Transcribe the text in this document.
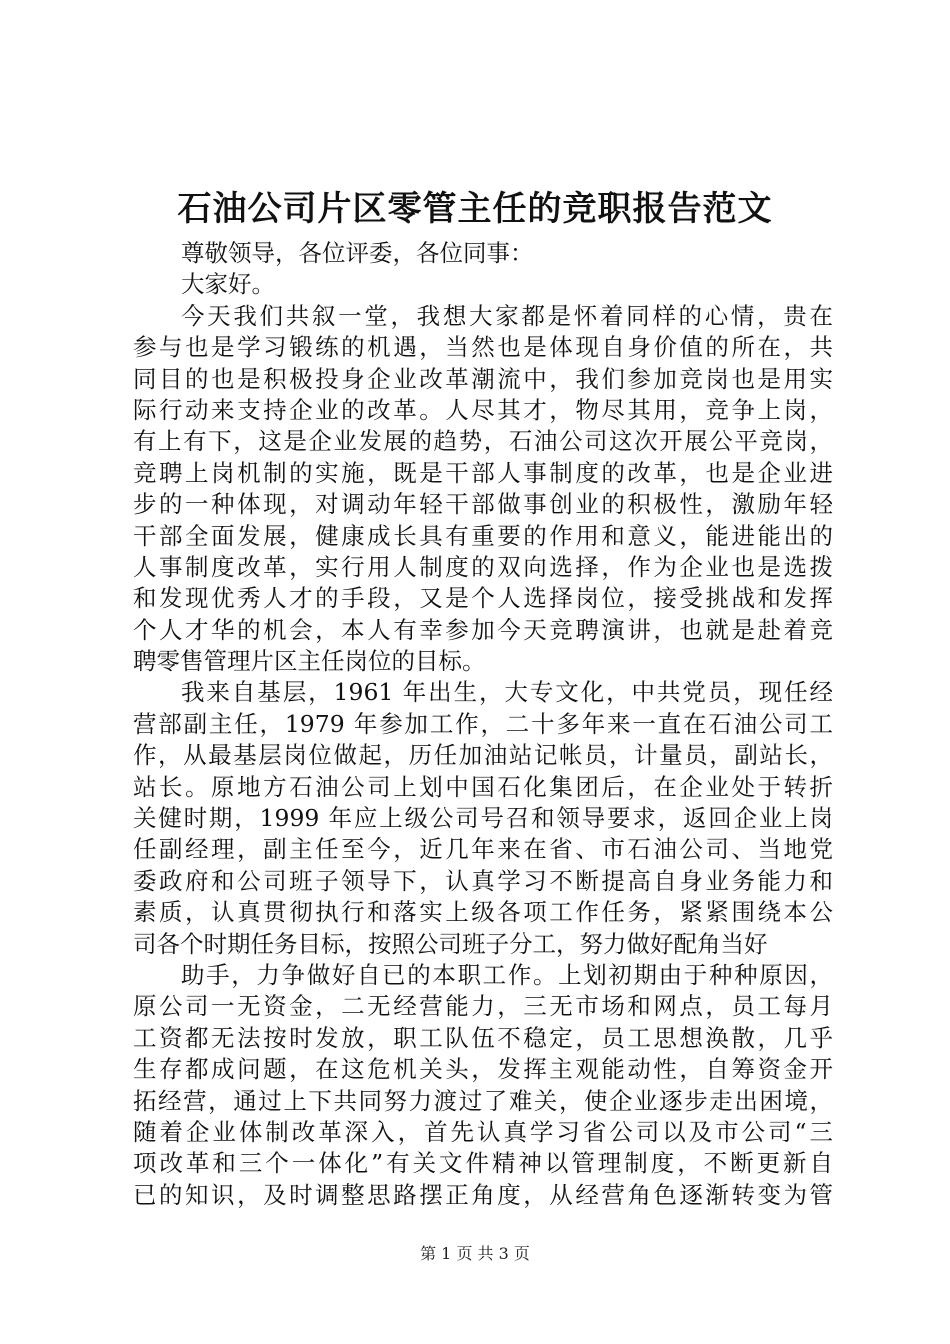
石油公司片区零管主任的竞职报告范文
尊敬领导，各位评委，各位同事：
大家好。
今天我们共叙一堂，我想大家都是怀着同样的心情，贵在
参与也是学习锻练的机遇，当然也是体现自身价值的所在，共
同目的也是积极投身企业改革潮流中，我们参加竞岗也是用实
际行动来支持企业的改革。人尽其才，物尽其用，竞争上岗，
有上有下，这是企业发展的趋势，石油公司这次开展公平竞岗，
竞聘上岗机制的实施，既是干部人事制度的改革，也是企业进
步的一种体现，对调动年轻干部做事创业的积极性，激励年轻
干部全面发展，健康成长具有重要的作用和意义，能进能出的
人事制度改革，实行用人制度的双向选择，作为企业也是选拨
和发现优秀人才的手段，又是个人选择岗位，接受挑战和发挥
个人才华的机会，本人有幸参加今天竞聘演讲，也就是赴着竞
聘零售管理片区主任岗位的目标。
我来自基层，1961 年出生，大专文化，中共党员，现任经
营部副主任，1979 年参加工作，二十多年来一直在石油公司工
作，从最基层岗位做起，历任加油站记帐员，计量员，副站长，
站长。原地方石油公司上划中国石化集团后，在企业处于转折
关健时期，1999 年应上级公司号召和领导要求，返回企业上岗
任副经理，副主任至今，近几年来在省、市石油公司、当地党
委政府和公司班子领导下，认真学习不断提高自身业务能力和
素质，认真贯彻执行和落实上级各项工作任务，紧紧围绕本公
司各个时期任务目标，按照公司班子分工，努力做好配角当好
助手，力争做好自已的本职工作。上划初期由于种种原因，
原公司一无资金，二无经营能力，三无市场和网点，员工每月
工资都无法按时发放，职工队伍不稳定，员工思想涣散，几乎
生存都成问题，在这危机关头，发挥主观能动性，自筹资金开
拓经营，通过上下共同努力渡过了难关，使企业逐步走出困境，
随着企业体制改革深入，首先认真学习省公司以及市公司“三
项改革和三个一体化”有关文件精神以管理制度，不断更新自
已的知识，及时调整思路摆正角度，从经营角色逐渐转变为管
第 1 页 共 3 页
